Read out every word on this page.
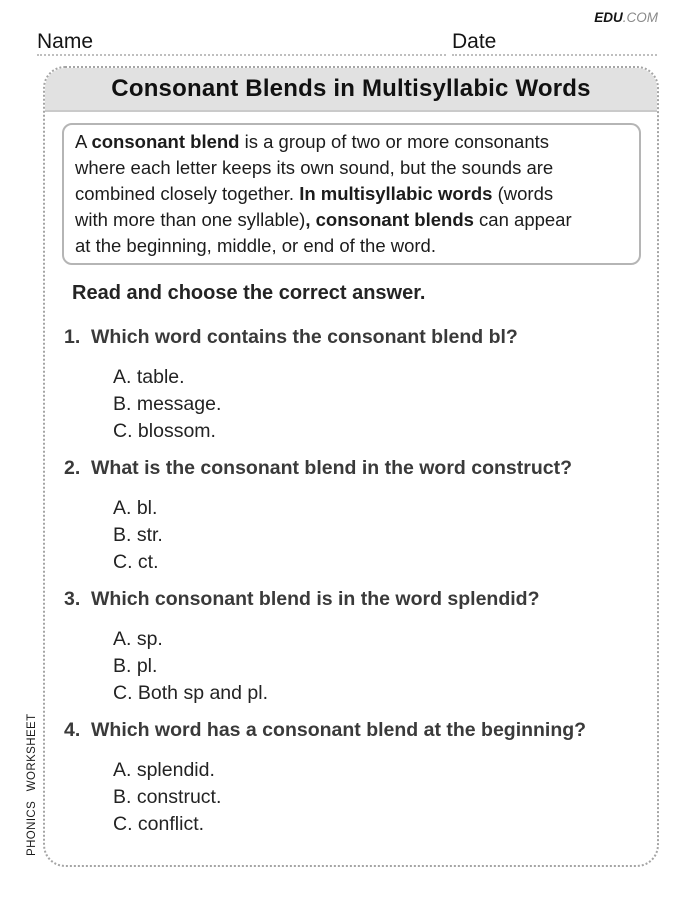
EDU.COM
Name	Date
Consonant Blends in Multisyllabic Words
A consonant blend is a group of two or more consonants
where each letter keeps its own sound, but the sounds are
combined closely together. In multisyllabic words (words
with more than one syllable), consonant blends can appear
at the beginning, middle, or end of the word.
Read and choose the correct answer.
1. Which word contains the consonant blend bl?
A. table.
B. message.
C. blossom.
2. What is the consonant blend in the word construct?
A. bl.
B. str.
C. ct.
3. Which consonant blend is in the word splendid?
A. sp.
B. pl.
C. Both sp and pl.
4. Which word has a consonant blend at the beginning?
A. splendid.
B. construct.
C. conflict.
PHONICS WORKSHEET
